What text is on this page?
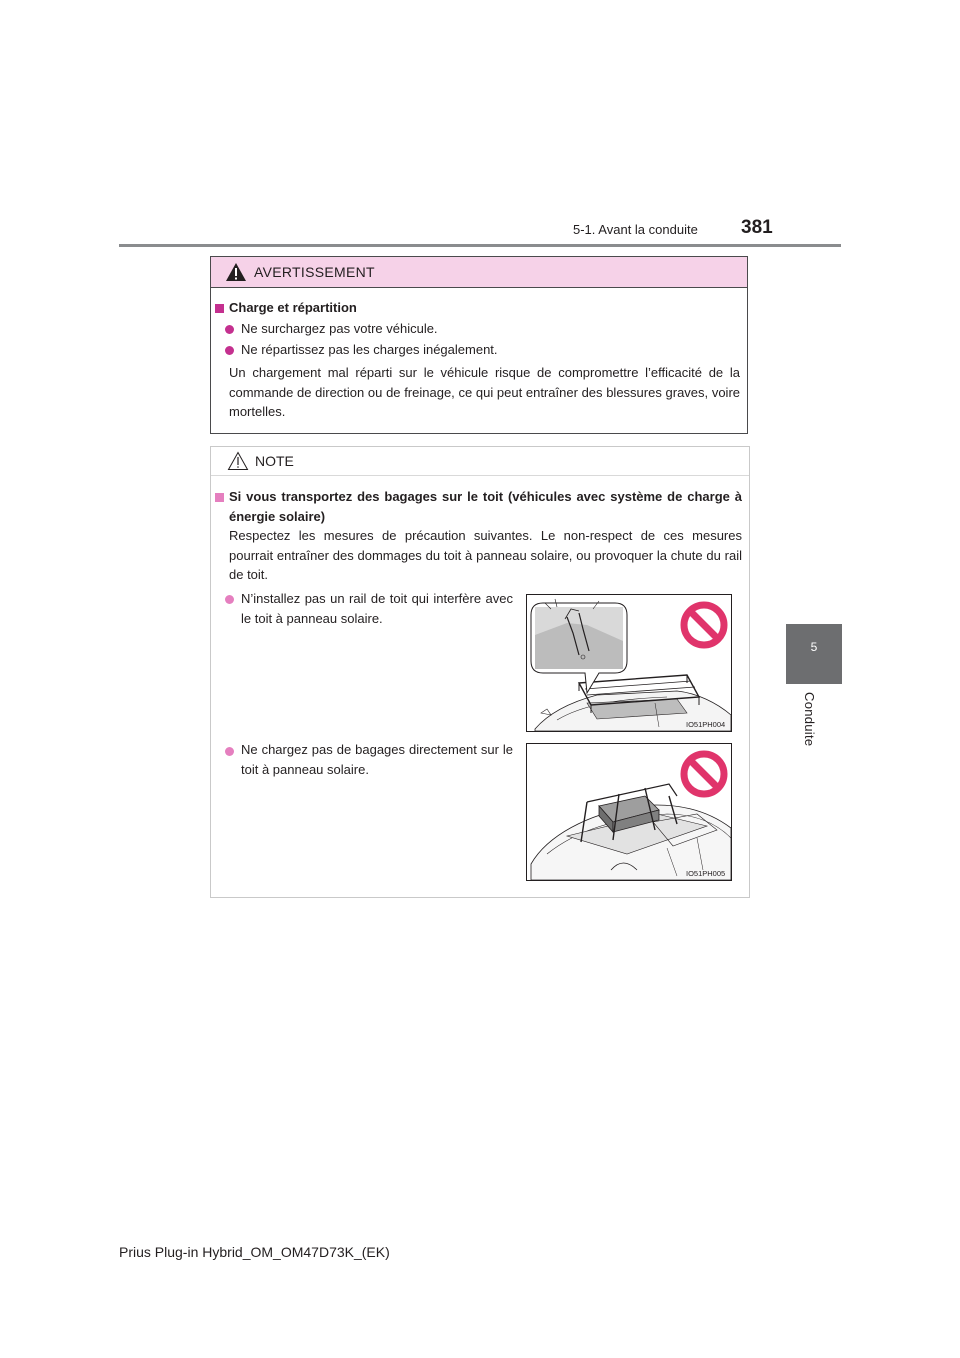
5-1. Avant la conduite 381
5
Conduite
AVERTISSEMENT
Charge et répartition
Ne surchargez pas votre véhicule.
Ne répartissez pas les charges inégalement.
Un chargement mal réparti sur le véhicule risque de compromettre l’efficacité de la commande de direction ou de freinage, ce qui peut entraîner des blessures graves, voire mortelles.
NOTE
Si vous transportez des bagages sur le toit (véhicules avec système de charge à énergie solaire)
Respectez les mesures de précaution suivantes. Le non-respect de ces mesures pourrait entraîner des dommages du toit à panneau solaire, ou provoquer la chute du rail de toit.
N’installez pas un rail de toit qui interfère avec le toit à panneau solaire.
IO51PH004
Ne chargez pas de bagages directement sur le toit à panneau solaire.
IO51PH005
Prius Plug-in Hybrid_OM_OM47D73K_(EK)
